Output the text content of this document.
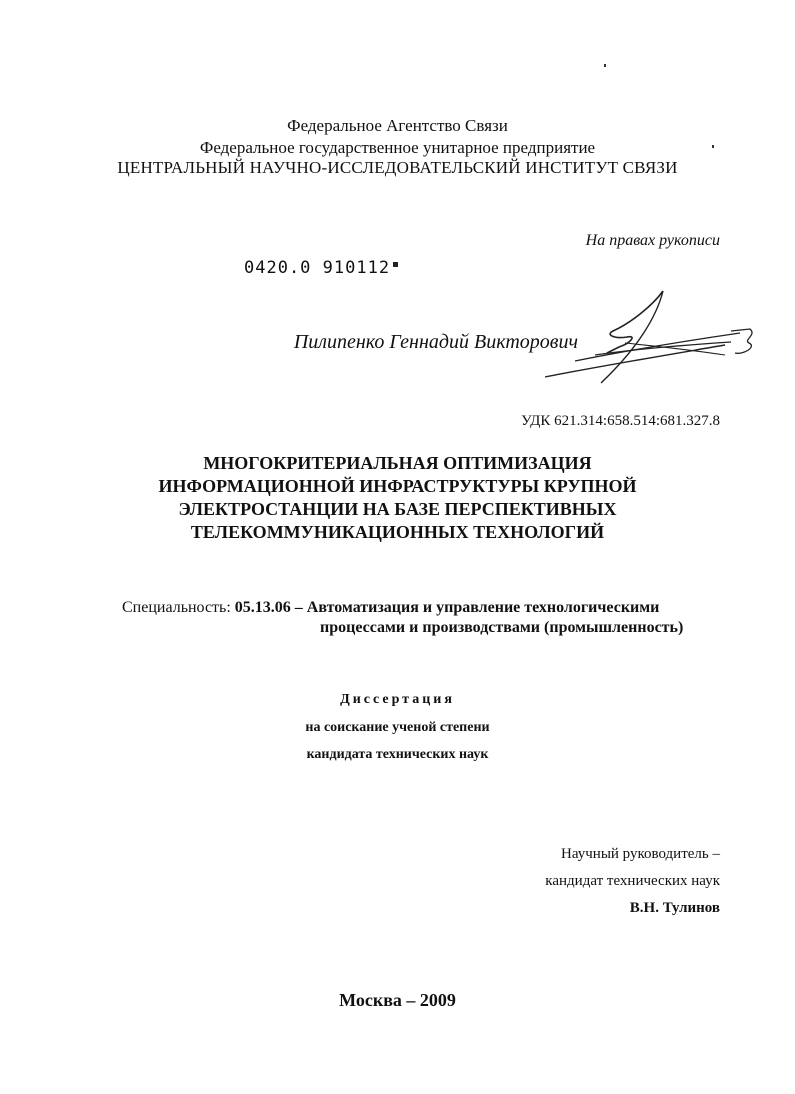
Федеральное Агентство Связи
Федеральное государственное унитарное предприятие
ЦЕНТРАЛЬНЫЙ НАУЧНО-ИССЛЕДОВАТЕЛЬСКИЙ ИНСТИТУТ СВЯЗИ
На правах рукописи
0420.0 910112
Пилипенко Геннадий Викторович
УДК 621.314:658.514:681.327.8
МНОГОКРИТЕРИАЛЬНАЯ ОПТИМИЗАЦИЯ
ИНФОРМАЦИОННОЙ ИНФРАСТРУКТУРЫ КРУПНОЙ
ЭЛЕКТРОСТАНЦИИ НА БАЗЕ ПЕРСПЕКТИВНЫХ
ТЕЛЕКОММУНИКАЦИОННЫХ ТЕХНОЛОГИЙ
Специальность: 05.13.06 – Автоматизация и управление технологическими
процессами и производствами (промышленность)
Диссертация
на соискание ученой степени
кандидата технических наук
Научный руководитель –
кандидат технических наук
В.Н. Тулинов
Москва – 2009
